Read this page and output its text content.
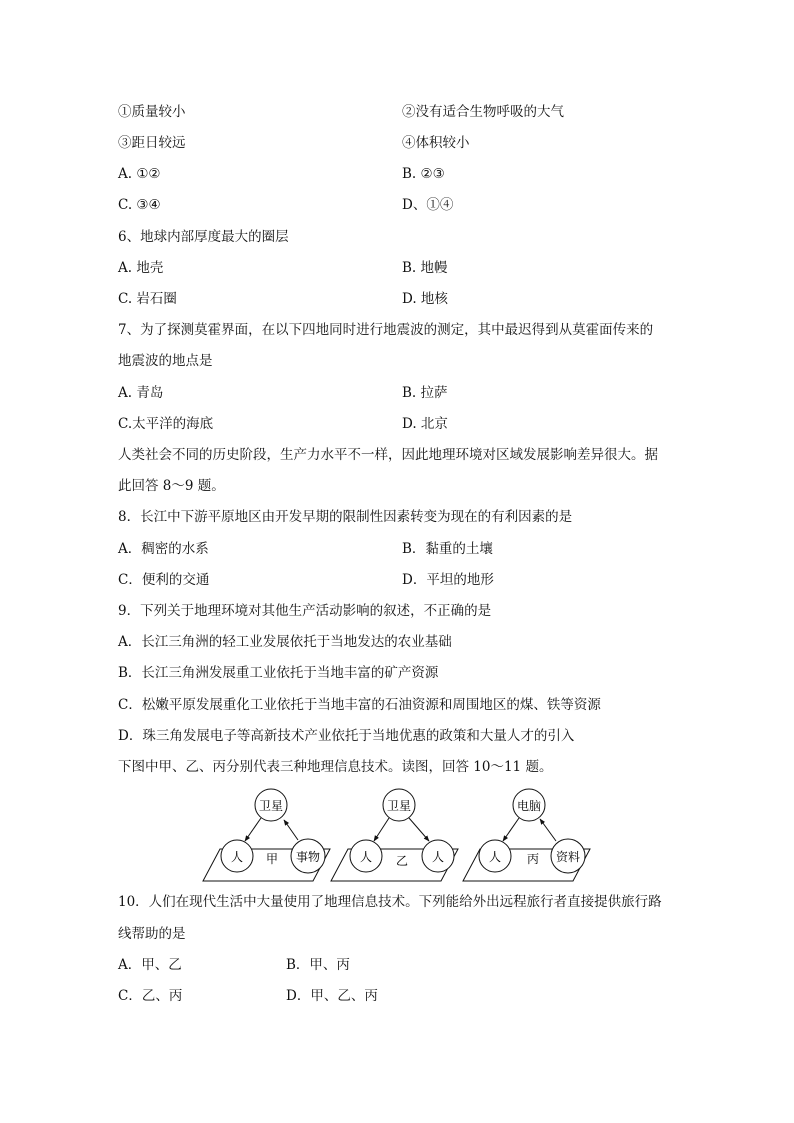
①质量较小	②没有适合生物呼吸的大气
③距日较远	④体积较小
A. ①②	B. ②③
C. ③④	D、①④
6、地球内部厚度最大的圈层
A. 地壳	B. 地幔
C. 岩石圈	D. 地核
7、为了探测莫霍界面，在以下四地同时进行地震波的测定，其中最迟得到从莫霍面传来的
地震波的地点是
A. 青岛	B. 拉萨
C.太平洋的海底	D. 北京
人类社会不同的历史阶段，生产力水平不一样，因此地理环境对区域发展影响差异很大。据
此回答 8～9 题。
8．长江中下游平原地区由开发早期的限制性因素转变为现在的有利因素的是
A．稠密的水系	B．黏重的土壤
C．便利的交通	D．平坦的地形
9．下列关于地理环境对其他生产活动影响的叙述，不正确的是
A．长江三角洲的轻工业发展依托于当地发达的农业基础
B．长江三角洲发展重工业依托于当地丰富的矿产资源
C．松嫩平原发展重化工业依托于当地丰富的石油资源和周围地区的煤、铁等资源
D．珠三角发展电子等高新技术产业依托于当地优惠的政策和大量人才的引入
下图中甲、乙、丙分别代表三种地理信息技术。读图，回答 10～11 题。
卫星
人	事物
甲
卫星
人	人
乙
电脑
人	资料
丙
10．人们在现代生活中大量使用了地理信息技术。下列能给外出远程旅行者直接提供旅行路
线帮助的是
A．甲、乙	B．甲、丙
C．乙、丙	D．甲、乙、丙
